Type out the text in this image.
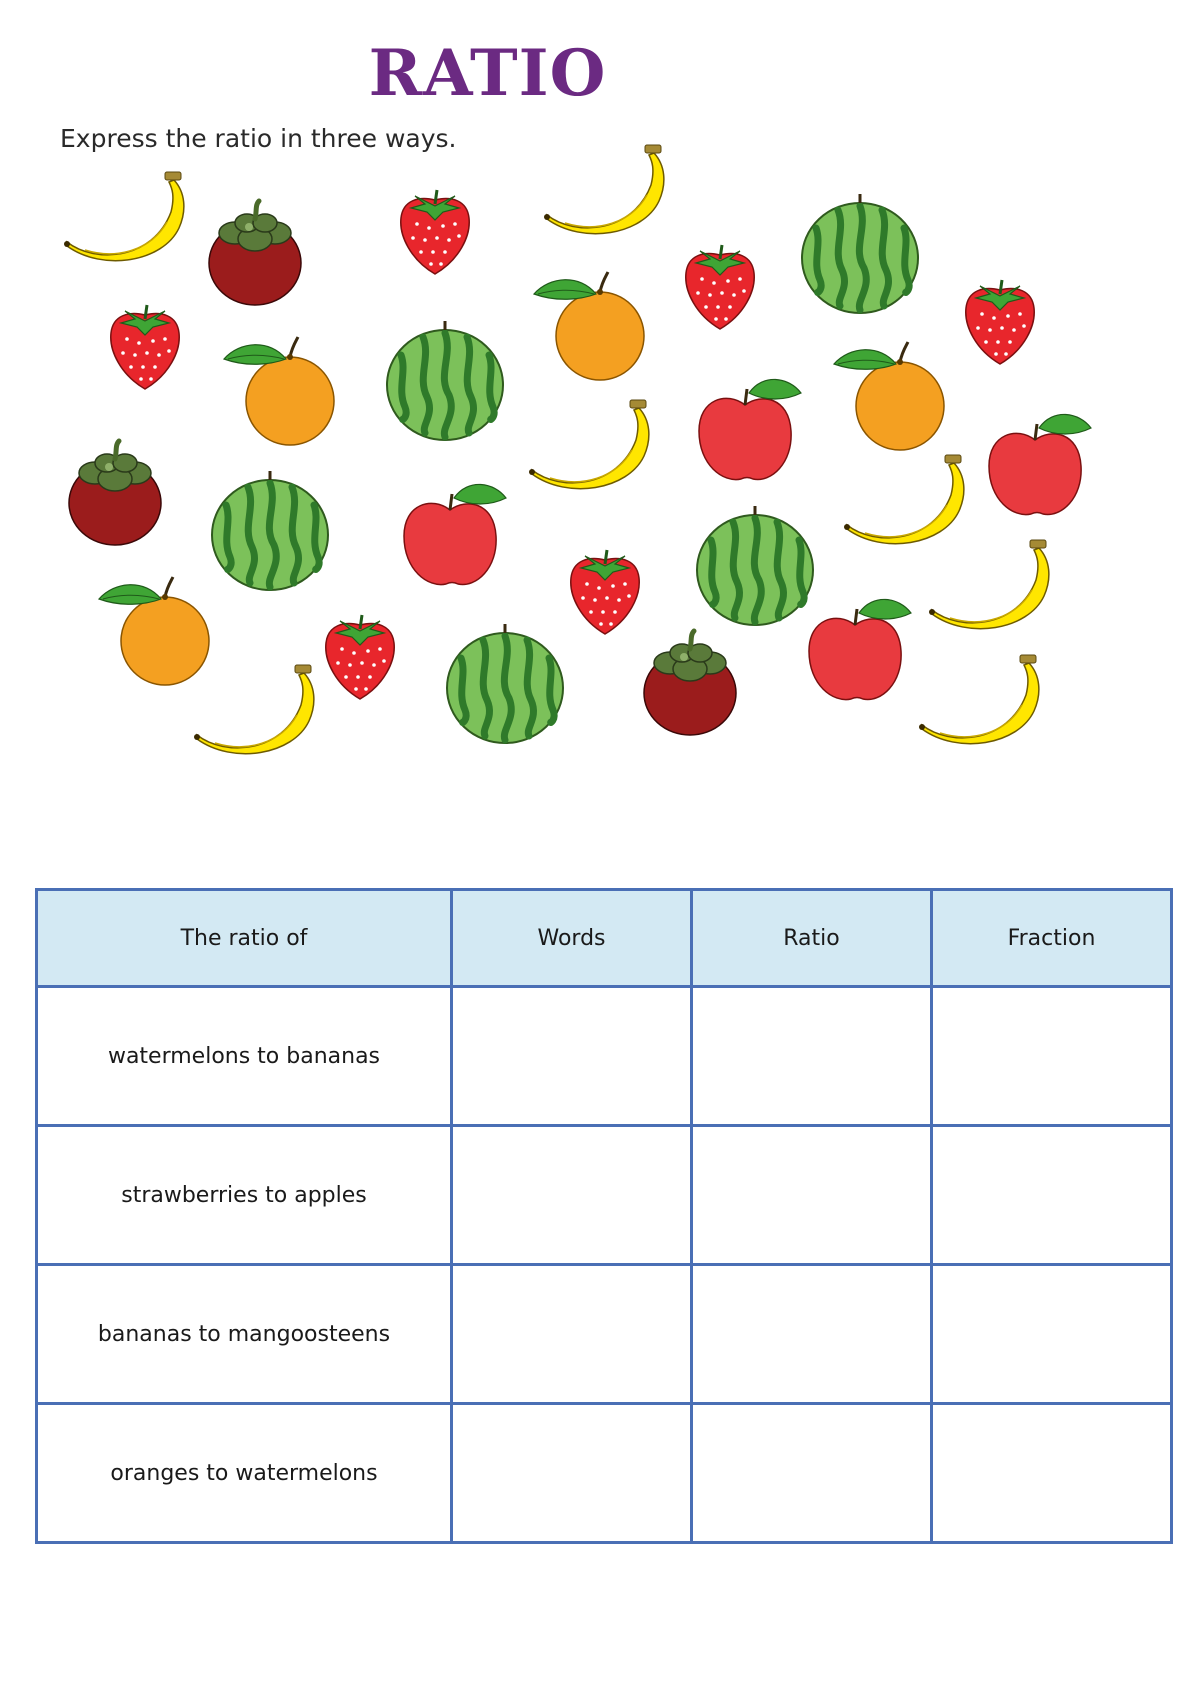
RATIO

Express the ratio in three ways.

The ratio of	Words	Ratio	Fraction
watermelons to bananas			
strawberries to apples			
bananas to mangoosteens			
oranges to watermelons			
